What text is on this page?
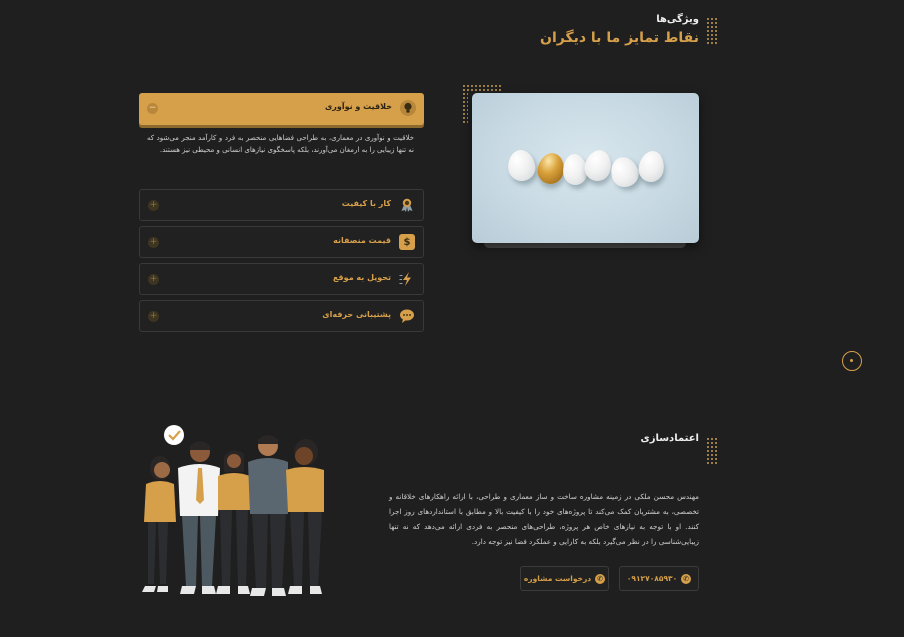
ویژگی‌ها
نقاط تمایز ما با دیگران
−	خلاقیت و نوآوری
خلاقیت و نوآوری در معماری، به طراحی فضاهایی منحصر به فرد و کارآمد منجر می‌شود که نه تنها زیبایی را به ارمغان می‌آورند، بلکه پاسخگوی نیازهای انسانی و محیطی نیز هستند.
+	کار با کیفیت
+	قیمت منصفانه	$
+	تحویل به موقع
+	پشتیبانی حرفه‌ای
اعتمادسازی
مهندس محسن ملکی در زمینه مشاوره ساخت و ساز معماری و طراحی، با ارائه راهکارهای خلاقانه و تخصصی، به مشتریان کمک می‌کند تا پروژه‌های خود را با کیفیت بالا و مطابق با استانداردهای روز اجرا کنند. او با توجه به نیازهای خاص هر پروژه، طراحی‌های منحصر به فردی ارائه می‌دهد که نه تنها زیبایی‌شناسی را در نظر می‌گیرد بلکه به کارایی و عملکرد فضا نیز توجه دارد.
✆
۰۹۱۲۷۰۸۵۹۳۰
✆
درخواست مشاوره
